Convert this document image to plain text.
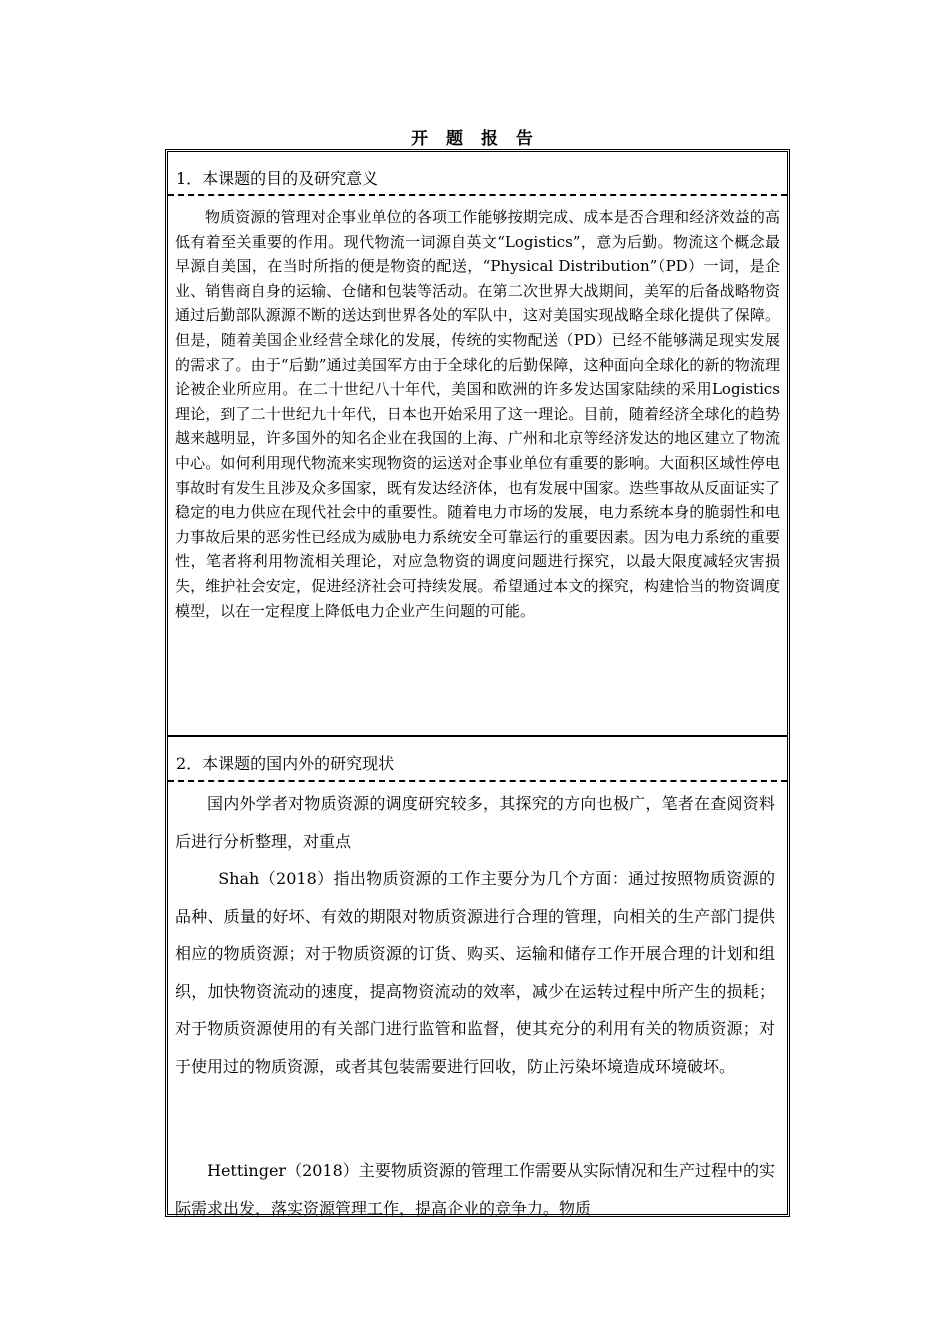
开 题 报 告
1．本课题的目的及研究意义

物质资源的管理对企事业单位的各项工作能够按期完成、成本是否合理和经济效益的高低有着至关重要的作用。现代物流一词源自英文“Logistics”，意为后勤。物流这个概念最早源自美国，在当时所指的便是物资的配送，“Physical Distribution”（PD）一词，是企业、销售商自身的运输、仓储和包装等活动。在第二次世界大战期间，美军的后备战略物资通过后勤部队源源不断的送达到世界各处的军队中，这对美国实现战略全球化提供了保障。但是，随着美国企业经营全球化的发展，传统的实物配送（PD）已经不能够满足现实发展的需求了。由于“后勤”通过美国军方由于全球化的后勤保障，这种面向全球化的新的物流理论被企业所应用。在二十世纪八十年代，美国和欧洲的许多发达国家陆续的采用Logistics理论，到了二十世纪九十年代，日本也开始采用了这一理论。目前，随着经济全球化的趋势越来越明显，许多国外的知名企业在我国的上海、广州和北京等经济发达的地区建立了物流中心。如何利用现代物流来实现物资的运送对企事业单位有重要的影响。大面积区域性停电事故时有发生且涉及众多国家，既有发达经济体，也有发展中国家。迭些事故从反面证实了稳定的电力供应在现代社会中的重要性。随着电力市场的发展，电力系统本身的脆弱性和电力事故后果的恶劣性已经成为威胁电力系统安全可靠运行的重要因素。因为电力系统的重要性，笔者将利用物流相关理论，对应急物资的调度问题进行探究，以最大限度减轻灾害损失，维护社会安定，促进经济社会可持续发展。希望通过本文的探究，构建恰当的物资调度模型，以在一定程度上降低电力企业产生问题的可能。

2．本课题的国内外的研究现状

国内外学者对物质资源的调度研究较多，其探究的方向也极广，笔者在查阅资料后进行分析整理，对重点

Shah（2018）指出物质资源的工作主要分为几个方面：通过按照物质资源的品种、质量的好坏、有效的期限对物质资源进行合理的管理，向相关的生产部门提供相应的物质资源；对于物质资源的订货、购买、运输和储存工作开展合理的计划和组织，加快物资流动的速度，提高物资流动的效率，减少在运转过程中所产生的损耗；对于物质资源使用的有关部门进行监管和监督，使其充分的利用有关的物质资源；对于使用过的物质资源，或者其包装需要进行回收，防止污染坏境造成环境破坏。

Hettinger（2018）主要物质资源的管理工作需要从实际情况和生产过程中的实际需求出发，落实资源管理工作，提高企业的竞争力。物质
